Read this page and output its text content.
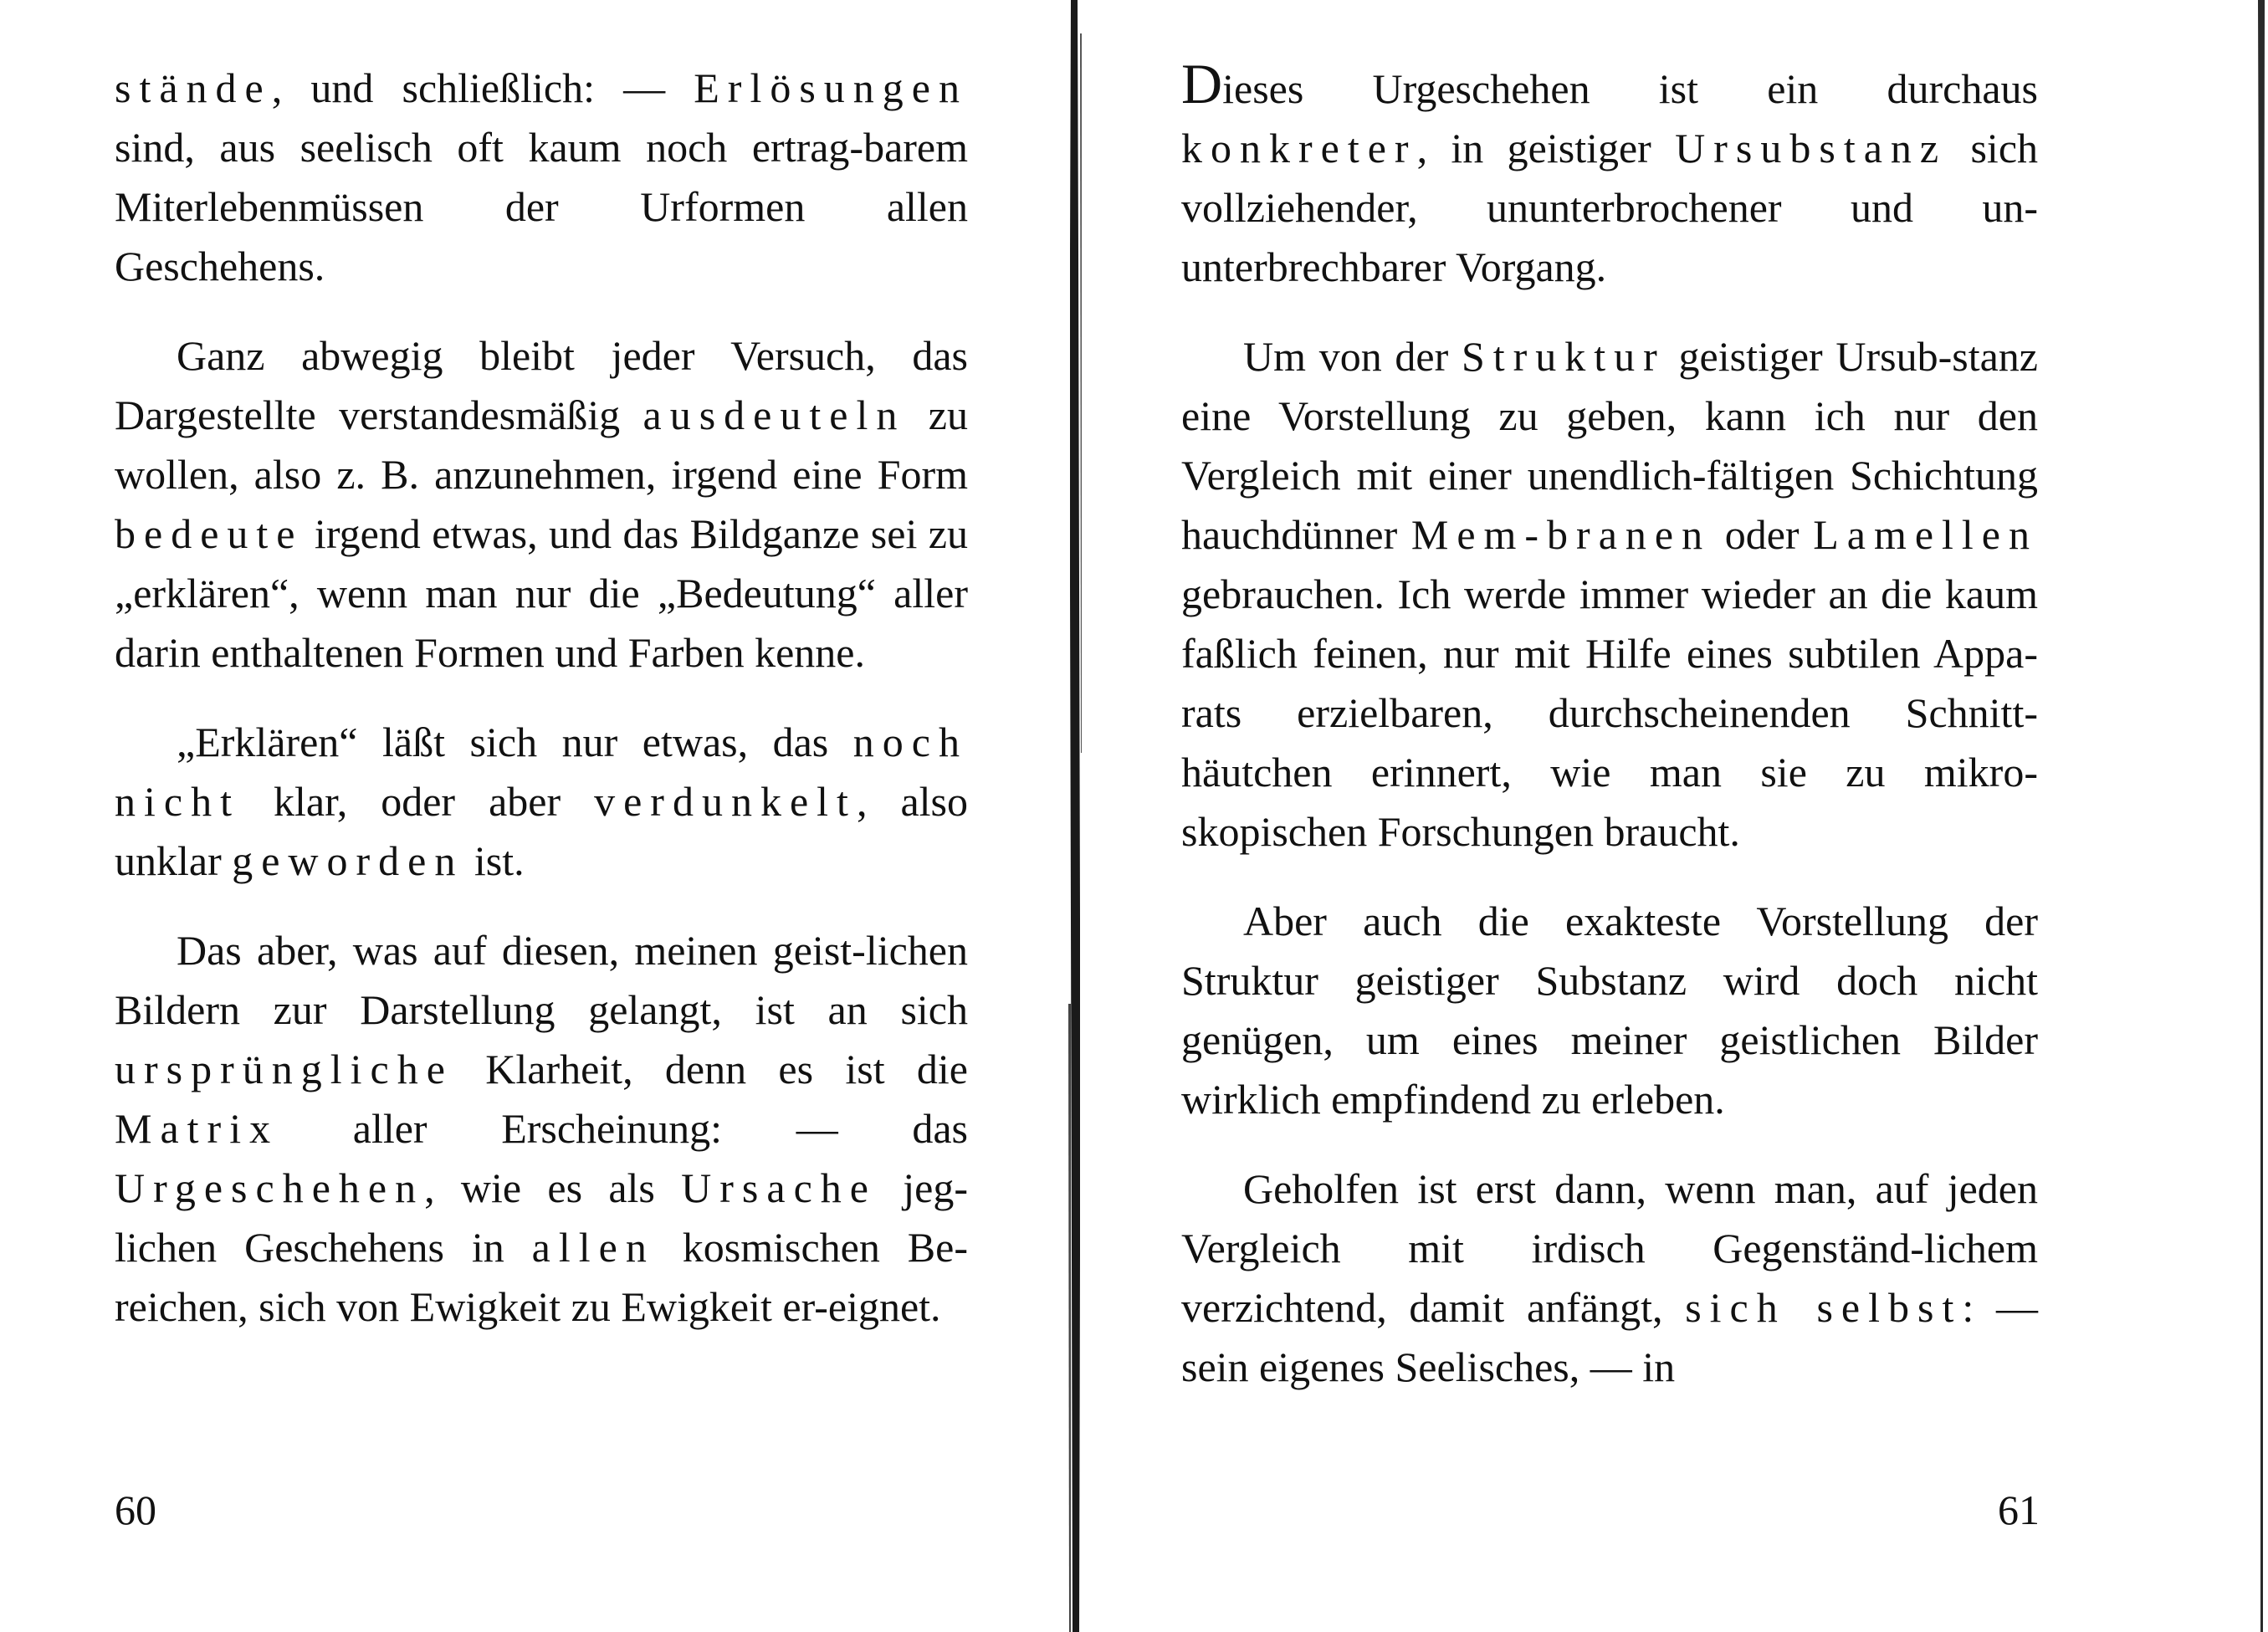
stände, und schließlich: — Erlösungen sind, aus seelisch oft kaum noch ertrag-barem Miterlebenmüssen der Urformen allen Geschehens.

Ganz abwegig bleibt jeder Versuch, das Dargestellte verstandesmäßig ausdeuteln zu wollen, also z. B. anzunehmen, irgend eine Form bedeute irgend etwas, und das Bildganze sei zu „erklären“, wenn man nur die „Bedeutung“ aller darin enthaltenen Formen und Farben kenne.

„Erklären“ läßt sich nur etwas, das noch nicht klar, oder aber verdunkelt, also unklar geworden ist.

Das aber, was auf diesen, meinen geist-lichen Bildern zur Darstellung gelangt, ist an sich ursprüngliche Klarheit, denn es ist die Matrix aller Erscheinung: — das Urgeschehen, wie es als Ursache jeg-lichen Geschehens in allen kosmischen Be-reichen, sich von Ewigkeit zu Ewigkeit er-eignet.

60

Dieses Urgeschehen ist ein durchaus konkreter, in geistiger Ursubstanz sich vollziehender, ununterbrochener und un-unterbrechbarer Vorgang.

Um von der Struktur geistiger Ursub-stanz eine Vorstellung zu geben, kann ich nur den Vergleich mit einer unendlich-fältigen Schichtung hauchdünner Mem-branen oder Lamellen gebrauchen. Ich werde immer wieder an die kaum faßlich feinen, nur mit Hilfe eines subtilen Appa-rats erzielbaren, durchscheinenden Schnitt-häutchen erinnert, wie man sie zu mikro-skopischen Forschungen braucht.

Aber auch die exakteste Vorstellung der Struktur geistiger Substanz wird doch nicht genügen, um eines meiner geistlichen Bilder wirklich empfindend zu erleben.

Geholfen ist erst dann, wenn man, auf jeden Vergleich mit irdisch Gegenständ-lichem verzichtend, damit anfängt, sich selbst: — sein eigenes Seelisches, — in

61
